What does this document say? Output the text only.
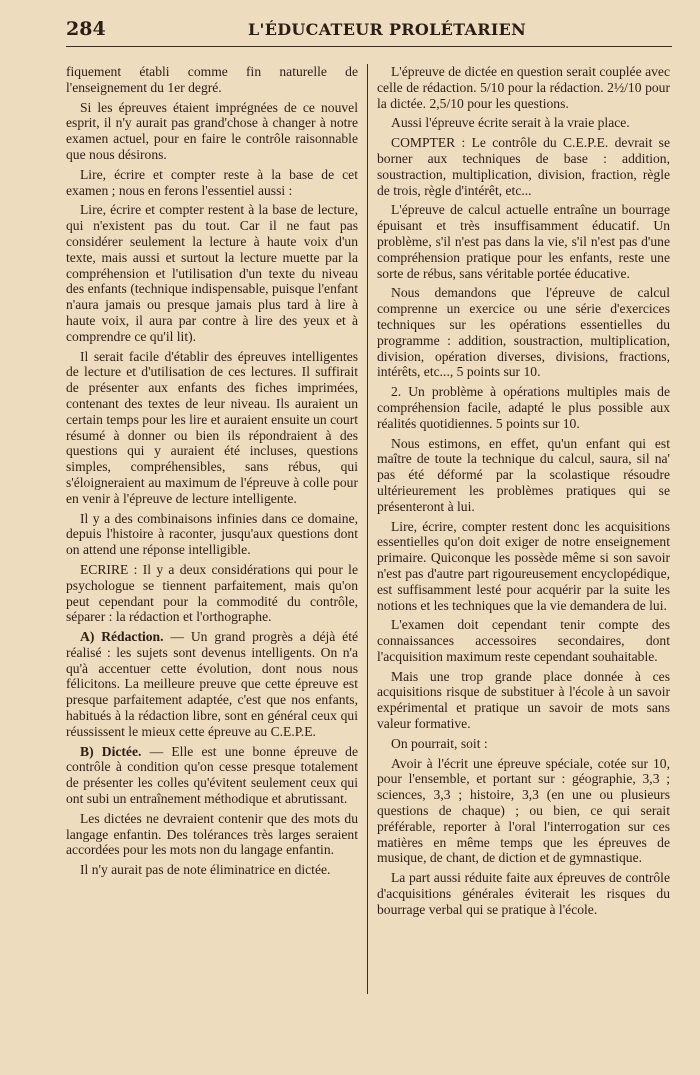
284	L'ÉDUCATEUR PROLÉTARIEN

fiquement établi comme fin naturelle de l'enseignement du 1er degré.

Si les épreuves étaient imprégnées de ce nouvel esprit, il n'y aurait pas grand'chose à changer à notre examen actuel, pour en faire le contrôle raisonnable que nous désirons.

Lire, écrire et compter reste à la base de cet examen ; nous en ferons l'essentiel aussi :

Lire, écrire et compter restent à la base de lecture, qui n'existent pas du tout. Car il ne faut pas considérer seulement la lecture à haute voix d'un texte, mais aussi et surtout la lecture muette par la compréhension et l'utilisation d'un texte du niveau des enfants (technique indispensable, puisque l'enfant n'aura jamais ou presque jamais plus tard à lire à haute voix, il aura par contre à lire des yeux et à comprendre ce qu'il lit).

Il serait facile d'établir des épreuves intelligentes de lecture et d'utilisation de ces lectures. Il suffirait de présenter aux enfants des fiches imprimées, contenant des textes de leur niveau. Ils auraient un certain temps pour les lire et auraient ensuite un court résumé à donner ou bien ils répondraient à des questions qui y auraient été incluses, questions simples, compréhensibles, sans rébus, qui s'éloigneraient au maximum de l'épreuve à colle pour en venir à l'épreuve de lecture intelligente.

Il y a des combinaisons infinies dans ce domaine, depuis l'histoire à raconter, jusqu'aux questions dont on attend une réponse intelligible.

ECRIRE : Il y a deux considérations qui pour le psychologue se tiennent parfaitement, mais qu'on peut cependant pour la commodité du contrôle, séparer : la rédaction et l'orthographe.

A) Rédaction. — Un grand progrès a déjà été réalisé : les sujets sont devenus intelligents. On n'a qu'à accentuer cette évolution, dont nous nous félicitons. La meilleure preuve que cette épreuve est presque parfaitement adaptée, c'est que nos enfants, habitués à la rédaction libre, sont en général ceux qui réussissent le mieux cette épreuve au C.E.P.E.

B) Dictée. — Elle est une bonne épreuve de contrôle à condition qu'on cesse presque totalement de présenter les colles qu'évitent seulement ceux qui ont subi un entraînement méthodique et abrutissant.

Les dictées ne devraient contenir que des mots du langage enfantin. Des tolérances très larges seraient accordées pour les mots non du langage enfantin.

Il n'y aurait pas de note éliminatrice en dictée.

L'épreuve de dictée en question serait couplée avec celle de rédaction. 5/10 pour la rédaction. 2½/10 pour la dictée. 2,5/10 pour les questions.

Aussi l'épreuve écrite serait à la vraie place.

COMPTER : Le contrôle du C.E.P.E. devrait se borner aux techniques de base : addition, soustraction, multiplication, division, fraction, règle de trois, règle d'intérêt, etc...

L'épreuve de calcul actuelle entraîne un bourrage épuisant et très insuffisamment éducatif. Un problème, s'il n'est pas dans la vie, s'il n'est pas d'une compréhension pratique pour les enfants, reste une sorte de rébus, sans véritable portée éducative.

Nous demandons que l'épreuve de calcul comprenne un exercice ou une série d'exercices techniques sur les opérations essentielles du programme : addition, soustraction, multiplication, division, opération diverses, divisions, fractions, intérêts, etc..., 5 points sur 10.

2. Un problème à opérations multiples mais de compréhension facile, adapté le plus possible aux réalités quotidiennes. 5 points sur 10.

Nous estimons, en effet, qu'un enfant qui est maître de toute la technique du calcul, saura, sil na' pas été déformé par la scolastique résoudre ultérieurement les problèmes pratiques qui se présenteront à lui.

Lire, écrire, compter restent donc les acquisitions essentielles qu'on doit exiger de notre enseignement primaire. Quiconque les possède même si son savoir n'est pas d'autre part rigoureusement encyclopédique, est suffisamment lesté pour acquérir par la suite les notions et les techniques que la vie demandera de lui.

L'examen doit cependant tenir compte des connaissances accessoires secondaires, dont l'acquisition maximum reste cependant souhaitable.

Mais une trop grande place donnée à ces acquisitions risque de substituer à l'école à un savoir expérimental et pratique un savoir de mots sans valeur formative.

On pourrait, soit :

Avoir à l'écrit une épreuve spéciale, cotée sur 10, pour l'ensemble, et portant sur : géographie, 3,3 ; sciences, 3,3 ; histoire, 3,3 (en une ou plusieurs questions de chaque) ; ou bien, ce qui serait préférable, reporter à l'oral l'interrogation sur ces matières en même temps que les épreuves de musique, de chant, de diction et de gymnastique.

La part aussi réduite faite aux épreuves de contrôle d'acquisitions générales éviterait les risques du bourrage verbal qui se pratique à l'école.
